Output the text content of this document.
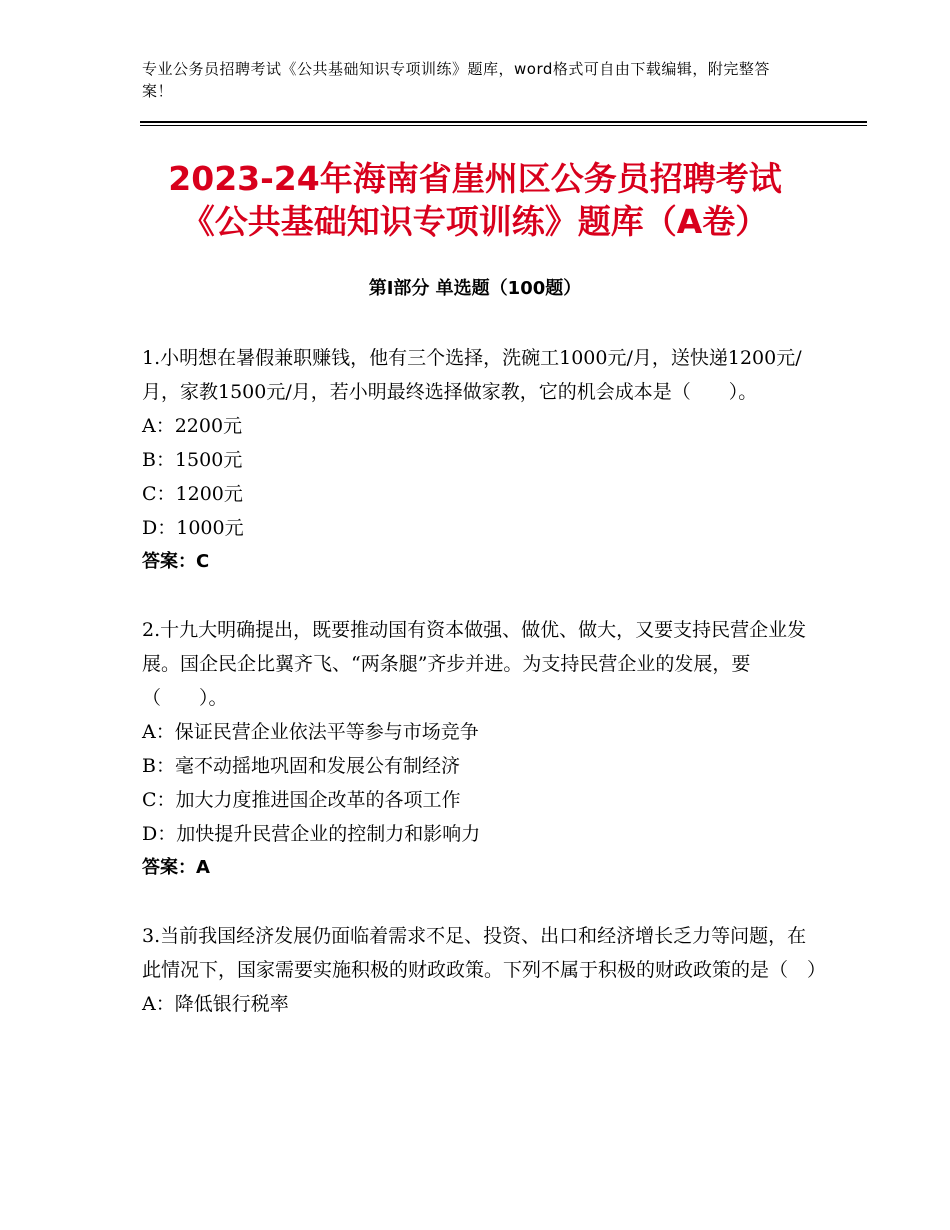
专业公务员招聘考试《公共基础知识专项训练》题库，word格式可自由下载编辑，附完整答案！
2023-24年海南省崖州区公务员招聘考试
《公共基础知识专项训练》题库（A卷）
第Ⅰ部分 单选题（100题）

1.小明想在暑假兼职赚钱，他有三个选择，洗碗工1000元/月，送快递1200元/月，家教1500元/月，若小明最终选择做家教，它的机会成本是（　　）。

A：2200元

B：1500元

C：1200元

D：1000元

答案：C

2.十九大明确提出，既要推动国有资本做强、做优、做大，又要支持民营企业发展。国企民企比翼齐飞、“两条腿”齐步并进。为支持民营企业的发展，要（　　）。

A：保证民营企业依法平等参与市场竞争

B：毫不动摇地巩固和发展公有制经济

C：加大力度推进国企改革的各项工作

D：加快提升民营企业的控制力和影响力

答案：A

3.当前我国经济发展仍面临着需求不足、投资、出口和经济增长乏力等问题，在此情况下，国家需要实施积极的财政政策。下列不属于积极的财政政策的是（　）

A：降低银行税率
